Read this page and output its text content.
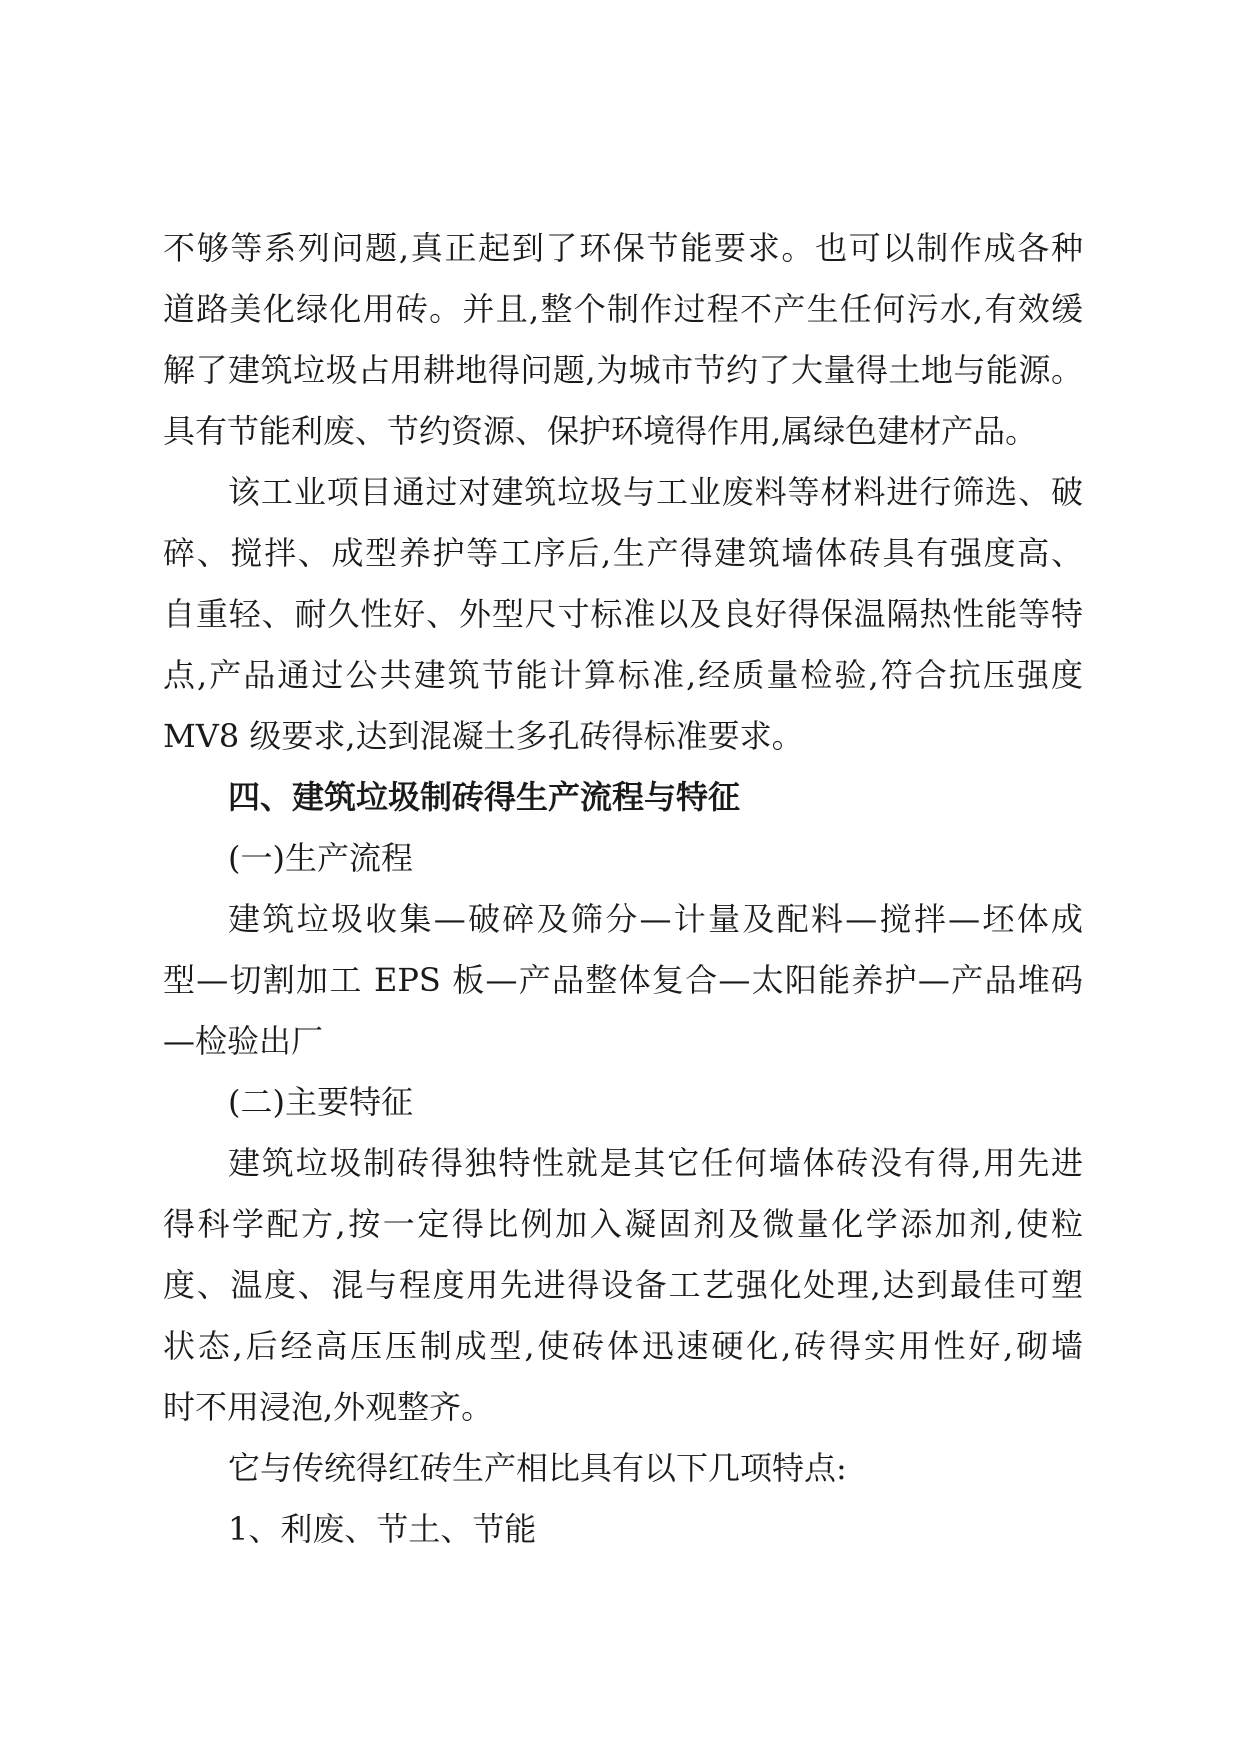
不够等系列问题,真正起到了环保节能要求。也可以制作成各种
道路美化绿化用砖。并且,整个制作过程不产生任何污水,有效缓
解了建筑垃圾占用耕地得问题,为城市节约了大量得土地与能源。
具有节能利废、节约资源、保护环境得作用,属绿色建材产品。
该工业项目通过对建筑垃圾与工业废料等材料进行筛选、破
碎、搅拌、成型养护等工序后,生产得建筑墙体砖具有强度高、
自重轻、耐久性好、外型尺寸标准以及良好得保温隔热性能等特
点,产品通过公共建筑节能计算标准,经质量检验,符合抗压强度
MV8 级要求,达到混凝土多孔砖得标准要求。
四、建筑垃圾制砖得生产流程与特征
(一)生产流程
建筑垃圾收集—破碎及筛分—计量及配料—搅拌—坯体成
型—切割加工 EPS 板—产品整体复合—太阳能养护—产品堆码
—检验出厂
(二)主要特征
建筑垃圾制砖得独特性就是其它任何墙体砖没有得,用先进
得科学配方,按一定得比例加入凝固剂及微量化学添加剂,使粒
度、温度、混与程度用先进得设备工艺强化处理,达到最佳可塑
状态,后经高压压制成型,使砖体迅速硬化,砖得实用性好,砌墙
时不用浸泡,外观整齐。
它与传统得红砖生产相比具有以下几项特点:
1、利废、节土、节能
